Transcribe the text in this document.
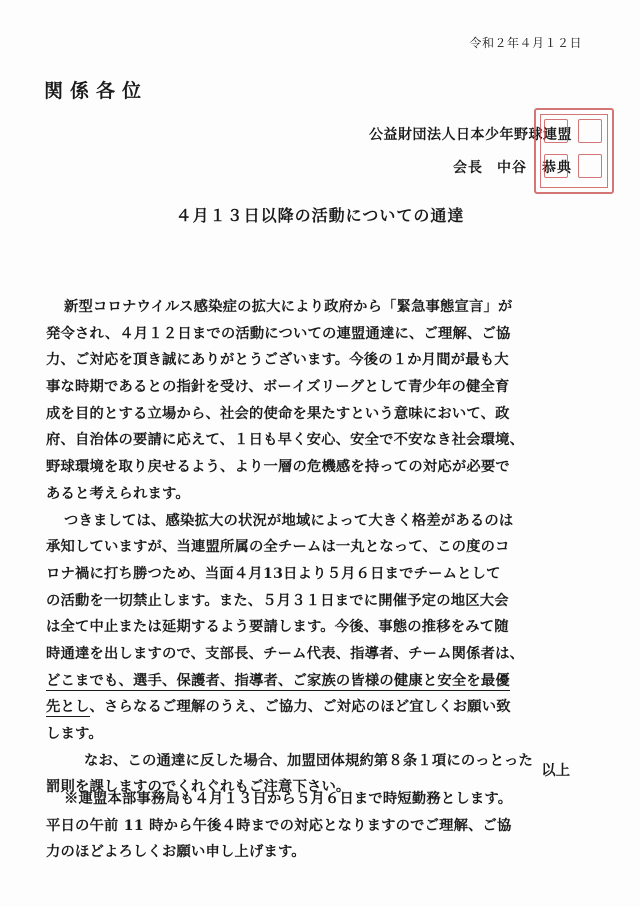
令和２年４月１２日
関係各位
公益財団法人日本少年野球連盟
会長 中谷　恭典
４月１３日以降の活動についての通達
新型コロナウイルス感染症の拡大により政府から「緊急事態宣言」が
発令され、４月１２日までの活動についての連盟通達に、ご理解、ご協
力、ご対応を頂き誠にありがとうございます。今後の１か月間が最も大
事な時期であるとの指針を受け、ボーイズリーグとして青少年の健全育
成を目的とする立場から、社会的使命を果たすという意味において、政
府、自治体の要請に応えて、１日も早く安心、安全で不安なき社会環境、
野球環境を取り戻せるよう、より一層の危機感を持っての対応が必要で
あると考えられます。
つきましては、感染拡大の状況が地域によって大きく格差があるのは
承知していますが、当連盟所属の全チームは一丸となって、この度のコ
ロナ禍に打ち勝つため、当面４月13日より５月６日までチームとして
の活動を一切禁止します。また、５月３１日までに開催予定の地区大会
は全て中止または延期するよう要請します。今後、事態の推移をみて随
時通達を出しますので、支部長、チーム代表、指導者、チーム関係者は、
どこまでも、選手、保護者、指導者、ご家族の皆様の健康と安全を最優
先とし、さらなるご理解のうえ、ご協力、ご対応のほど宜しくお願い致
します。
なお、この通達に反した場合、加盟団体規約第８条１項にのっとった
罰則を課しますのでくれぐれもご注意下さい。
以上
※連盟本部事務局も４月１３日から５月６日まで時短勤務とします。
平日の午前 11 時から午後４時までの対応となりますのでご理解、ご協
力のほどよろしくお願い申し上げます。
